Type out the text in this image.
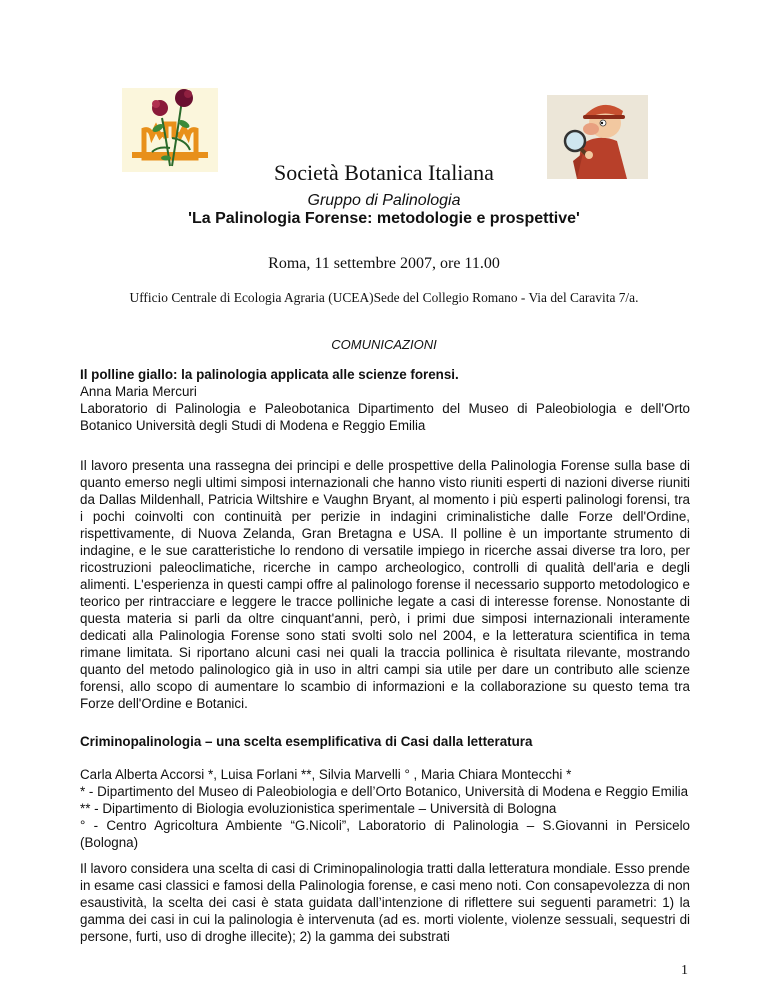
Società Botanica Italiana
Gruppo di Palinologia
'La Palinologia Forense: metodologie e prospettive'
Roma, 11 settembre 2007, ore 11.00
Ufficio Centrale di Ecologia Agraria (UCEA)Sede del Collegio Romano - Via del Caravita 7/a.
COMUNICAZIONI

Il polline giallo: la palinologia applicata alle scienze forensi.

Anna Maria Mercuri

Laboratorio di Palinologia e Paleobotanica Dipartimento del Museo di Paleobiologia e dell'Orto Botanico Università degli Studi di Modena e Reggio Emilia

Il lavoro presenta una rassegna dei principi e delle prospettive della Palinologia Forense sulla base di quanto emerso negli ultimi simposi internazionali che hanno visto riuniti esperti di nazioni diverse riuniti da Dallas Mildenhall, Patricia Wiltshire e Vaughn Bryant, al momento i più esperti palinologi forensi, tra i pochi coinvolti con continuità per perizie in indagini criminalistiche dalle Forze dell'Ordine, rispettivamente, di Nuova Zelanda, Gran Bretagna e USA. Il polline è un importante strumento di indagine, e le sue caratteristiche lo rendono di versatile impiego in ricerche assai diverse tra loro, per ricostruzioni paleoclimatiche, ricerche in campo archeologico, controlli di qualità dell'aria e degli alimenti. L'esperienza in questi campi offre al palinologo forense il necessario supporto metodologico e teorico per rintracciare e leggere le tracce polliniche legate a casi di interesse forense. Nonostante di questa materia si parli da oltre cinquant'anni, però, i primi due simposi internazionali interamente dedicati alla Palinologia Forense sono stati svolti solo nel 2004, e la letteratura scientifica in tema rimane limitata. Si riportano alcuni casi nei quali la traccia pollinica è risultata rilevante, mostrando quanto del metodo palinologico già in uso in altri campi sia utile per dare un contributo alle scienze forensi, allo scopo di aumentare lo scambio di informazioni e la collaborazione su questo tema tra Forze dell'Ordine e Botanici.

Criminopalinologia – una scelta esemplificativa di Casi dalla letteratura

Carla Alberta Accorsi *, Luisa Forlani **, Silvia Marvelli ° , Maria Chiara Montecchi *

* - Dipartimento del Museo di Paleobiologia e dell’Orto Botanico, Università di Modena e Reggio Emilia

** - Dipartimento di Biologia evoluzionistica sperimentale – Università di Bologna

° - Centro Agricoltura Ambiente “G.Nicoli”, Laboratorio di Palinologia – S.Giovanni in Persicelo (Bologna)

Il lavoro considera una scelta di casi di Criminopalinologia tratti dalla letteratura mondiale. Esso prende in esame casi classici e famosi della Palinologia forense, e casi meno noti. Con consapevolezza di non esaustività, la scelta dei casi è stata guidata dall’intenzione di riflettere sui seguenti parametri: 1) la gamma dei casi in cui la palinologia è intervenuta (ad es. morti violente, violenze sessuali, sequestri di persone, furti, uso di droghe illecite); 2) la gamma dei substrati

1
